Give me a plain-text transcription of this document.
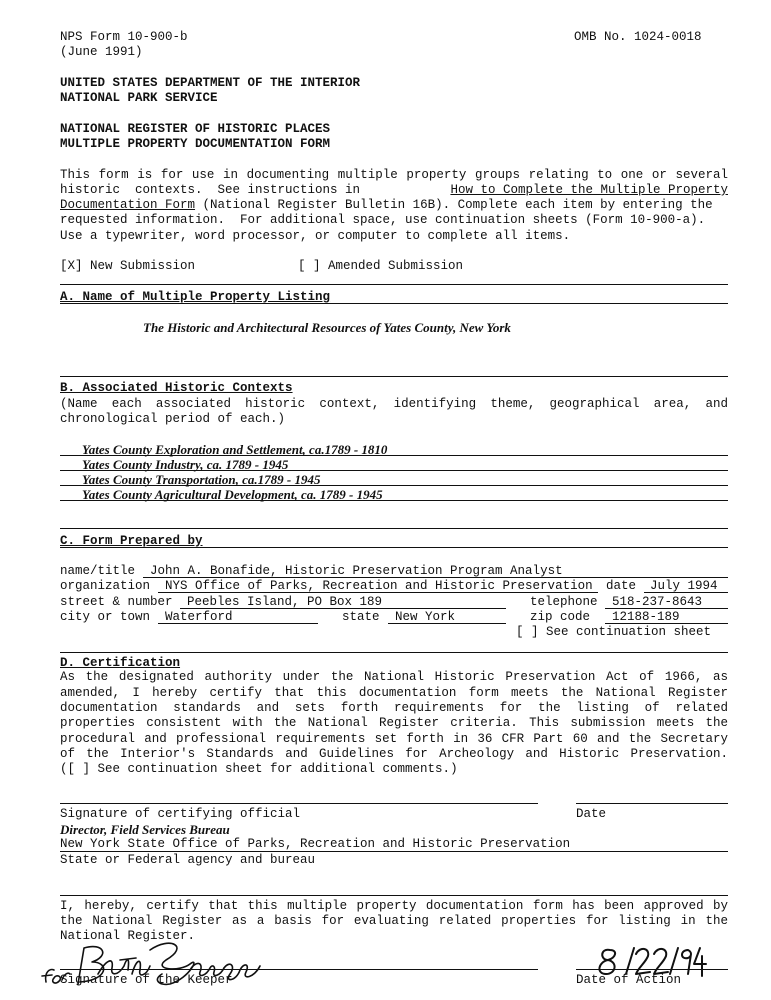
NPS Form 10-900-b
(June 1991)
OMB No. 1024-0018
UNITED STATES DEPARTMENT OF THE INTERIOR
NATIONAL PARK SERVICE
NATIONAL REGISTER OF HISTORIC PLACES
MULTIPLE PROPERTY DOCUMENTATION FORM
This form is for use in documenting multiple property groups relating to one or several
historic  contexts.  See instructions in	How to Complete the Multiple Property
Documentation Form (National Register Bulletin 16B). Complete each item by entering the
requested information.  For additional space, use continuation sheets (Form 10-900-a).
Use a typewriter, word processor, or computer to complete all items.
[X] New Submission	[ ] Amended Submission
A. Name of Multiple Property Listing
The Historic and Architectural Resources of Yates County, New York
B. Associated Historic Contexts
(Name each associated historic context, identifying theme, geographical area, and
chronological period of each.)
Yates County Exploration and Settlement, ca.1789 - 1810
Yates County Industry, ca. 1789 - 1945
Yates County Transportation, ca.1789 - 1945
Yates County Agricultural Development, ca. 1789 - 1945
C. Form Prepared by
name/title John A. Bonafide, Historic Preservation Program Analyst
organization NYS Office of Parks, Recreation and Historic Preservation date July 1994
street & number Peebles Island, PO Box 189	telephone 518-237-8643
city or town Waterford	state New York	zip code 12188-189
[ ] See continuation sheet
D. Certification
As the designated authority under the National Historic Preservation Act of 1966, as
amended, I hereby certify that this documentation form meets the National Register
documentation standards and sets forth requirements for the listing of related
properties consistent with the National Register criteria. This submission meets the
procedural and professional requirements set forth in 36 CFR Part 60 and the Secretary
of the Interior's Standards and Guidelines for Archeology and Historic Preservation.
([ ] See continuation sheet for additional comments.)
Signature of certifying official	Date
Director, Field Services Bureau
New York State Office of Parks, Recreation and Historic Preservation
State or Federal agency and bureau
I, hereby, certify that this multiple property documentation form has been approved by
the National Register as a basis for evaluating related properties for listing in the
National Register.
Signature of the Keeper	Date of Action
